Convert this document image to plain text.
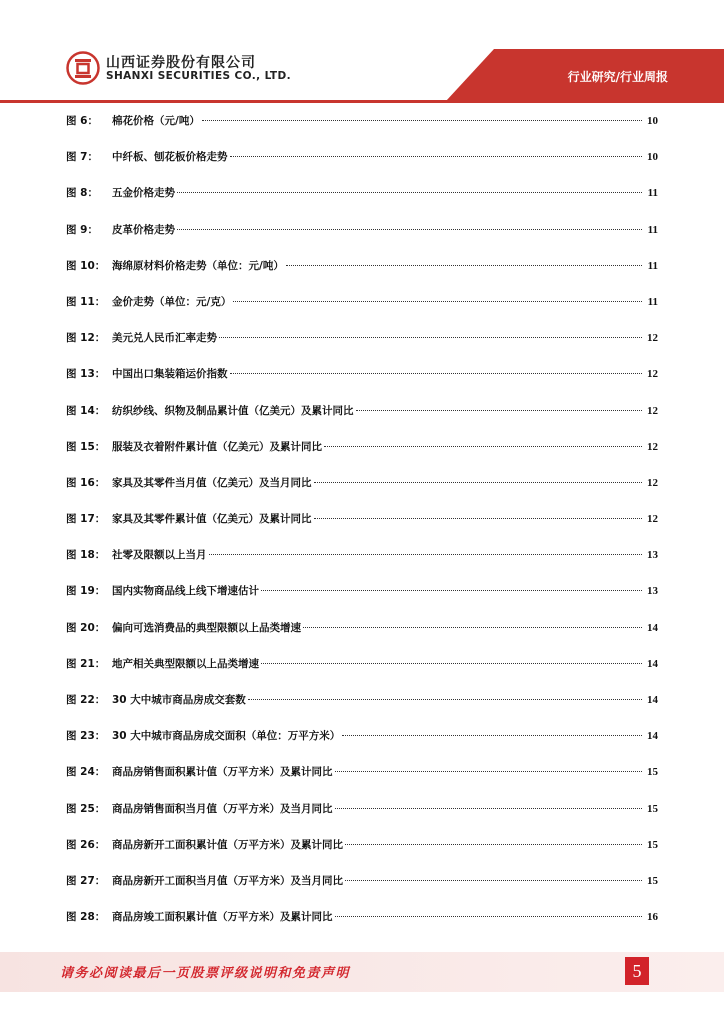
山西证券股份有限公司
SHANXI SECURITIES CO., LTD.	行业研究/行业周报
图 6：	棉花价格（元/吨）	10
图 7：	中纤板、刨花板价格走势	10
图 8：	五金价格走势	11
图 9：	皮革价格走势	11
图 10： 海绵原材料价格走势（单位：元/吨）	11
图 11： 金价走势（单位：元/克）	11
图 12： 美元兑人民币汇率走势	12
图 13： 中国出口集装箱运价指数	12
图 14： 纺织纱线、织物及制品累计值（亿美元）及累计同比	12
图 15： 服装及衣着附件累计值（亿美元）及累计同比	12
图 16： 家具及其零件当月值（亿美元）及当月同比	12
图 17： 家具及其零件累计值（亿美元）及累计同比	12
图 18： 社零及限额以上当月	13
图 19： 国内实物商品线上线下增速估计	13
图 20： 偏向可选消费品的典型限额以上品类增速	14
图 21： 地产相关典型限额以上品类增速	14
图 22： 30 大中城市商品房成交套数	14
图 23： 30 大中城市商品房成交面积（单位：万平方米）	14
图 24： 商品房销售面积累计值（万平方米）及累计同比	15
图 25： 商品房销售面积当月值（万平方米）及当月同比	15
图 26： 商品房新开工面积累计值（万平方米）及累计同比	15
图 27： 商品房新开工面积当月值（万平方米）及当月同比	15
图 28： 商品房竣工面积累计值（万平方米）及累计同比	16
请务必阅读最后一页股票评级说明和免责声明	5
